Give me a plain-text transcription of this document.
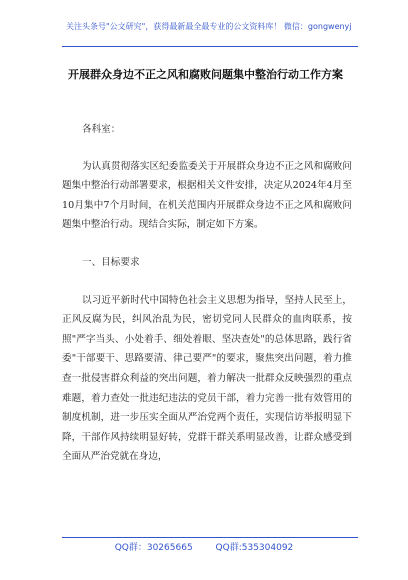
关注头条号"公文研究"，获得最新最全最专业的公文资料库！ 微信：gongwenyj
开展群众身边不正之风和腐败问题集中整治行动工作方案

各科室：

为认真贯彻落实区纪委监委关于开展群众身边不正之风和腐败问题集中整治行动部署要求，根据相关文件安排，决定从2024年4月至10月集中7个月时间，在机关范围内开展群众身边不正之风和腐败问题集中整治行动。现结合实际，制定如下方案。

一、目标要求

以习近平新时代中国特色社会主义思想为指导，坚持人民至上，正风反腐为民，纠风治乱为民，密切党同人民群众的血肉联系，按照"严字当头、小处着手、细处着眼、坚决查处"的总体思路，践行省委"干部要干、思路要清、律己要严"的要求，聚焦突出问题，着力推查一批侵害群众利益的突出问题，着力解决一批群众反映强烈的重点难题，着力查处一批违纪违法的党员干部，着力完善一批有效管用的制度机制，进一步压实全面从严治党两个责任，实现信访举报明显下降，干部作风持续明显好转，党群干群关系明显改善，让群众感受到全面从严治党就在身边，

QQ群：30265665	QQ群:535304092
